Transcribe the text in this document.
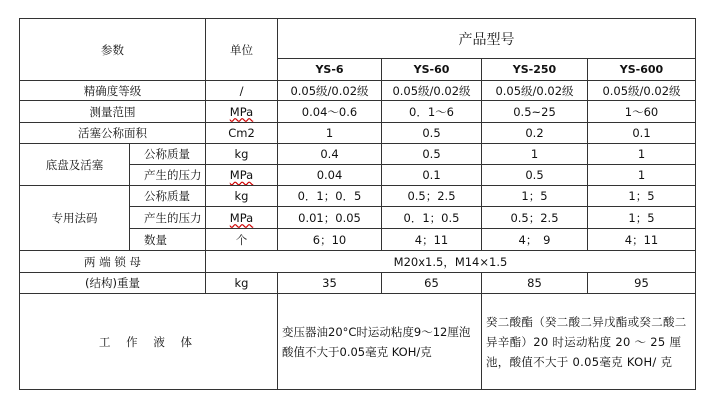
参数		单位	产品型号			
			YS-6	YS-60	YS-250	YS-600
精确度等级		/	0.05级/0.02级	0.05级/0.02级	0.05级/0.02级	0.05级/0.02级
测量范围		MPa	0.04～0.6	0．1～6	0.5~25	1～60
活塞公称面积		Cm2	1	0.5	0.2	0.1
底盘及活塞	公称质量	kg	0.4	0.5	1	1
	产生的压力	MPa	0.04	0.1	0.5	1
专用法码	公称质量	kg	0．1；0．5	0.5；2.5	1；5	1；5
	产生的压力	MPa	0.01；0.05	0．1；0.5	0.5；2.5	1；5
	数量	个	6；10	4；11	4；　9	4；11
两 端 锁 母		M20x1.5，M14×1.5				
(结构)重量		kg	35	65	85	95
工 作 液 体			变压器油20°C时运动粘度9～12厘泡酸值不大于0.05毫克 KOH/克		癸二酸酯（癸二酸二异戊酯或癸二酸二异辛酯）20 时运动粘度 20 ～ 25 厘池，酸值不大于 0.05毫克 KOH/ 克	
